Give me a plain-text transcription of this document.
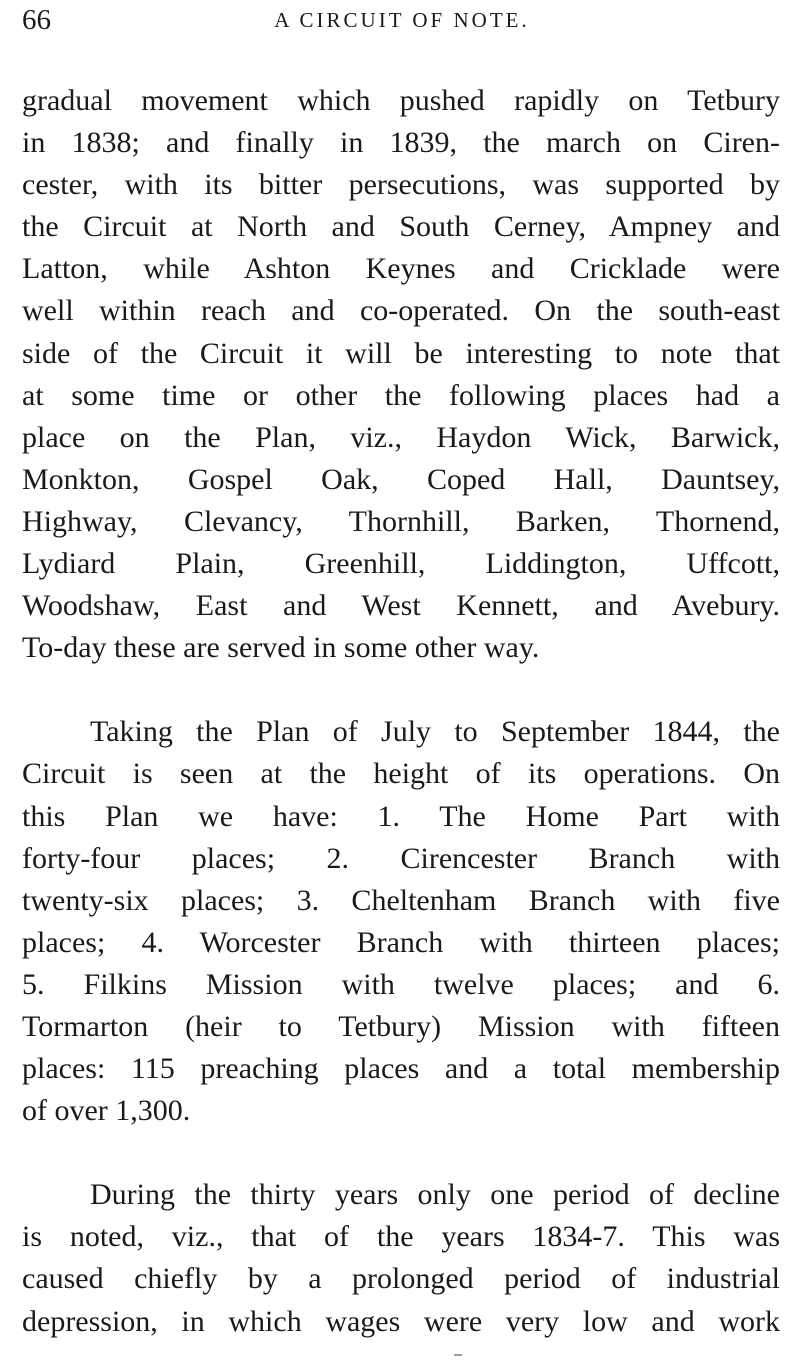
66	A CIRCUIT OF NOTE.

gradual movement which pushed rapidly on Tetbury
in 1838; and finally in 1839, the march on Ciren-
cester, with its bitter persecutions, was supported by
the Circuit at North and South Cerney, Ampney and
Latton, while Ashton Keynes and Cricklade were
well within reach and co-operated. On the south-east
side of the Circuit it will be interesting to note that
at some time or other the following places had a
place on the Plan, viz., Haydon Wick, Barwick,
Monkton, Gospel Oak, Coped Hall, Dauntsey,
Highway, Clevancy, Thornhill, Barken, Thornend,
Lydiard Plain, Greenhill, Liddington, Uffcott,
Woodshaw, East and West Kennett, and Avebury.
To-day these are served in some other way.

Taking the Plan of July to September 1844, the
Circuit is seen at the height of its operations. On
this Plan we have: 1. The Home Part with
forty-four places; 2. Cirencester Branch with
twenty-six places; 3. Cheltenham Branch with five
places; 4. Worcester Branch with thirteen places;
5. Filkins Mission with twelve places; and 6.
Tormarton (heir to Tetbury) Mission with fifteen
places: 115 preaching places and a total membership
of over 1,300.

During the thirty years only one period of decline
is noted, viz., that of the years 1834-7. This was
caused chiefly by a prolonged period of industrial
depression, in which wages were very low and work
